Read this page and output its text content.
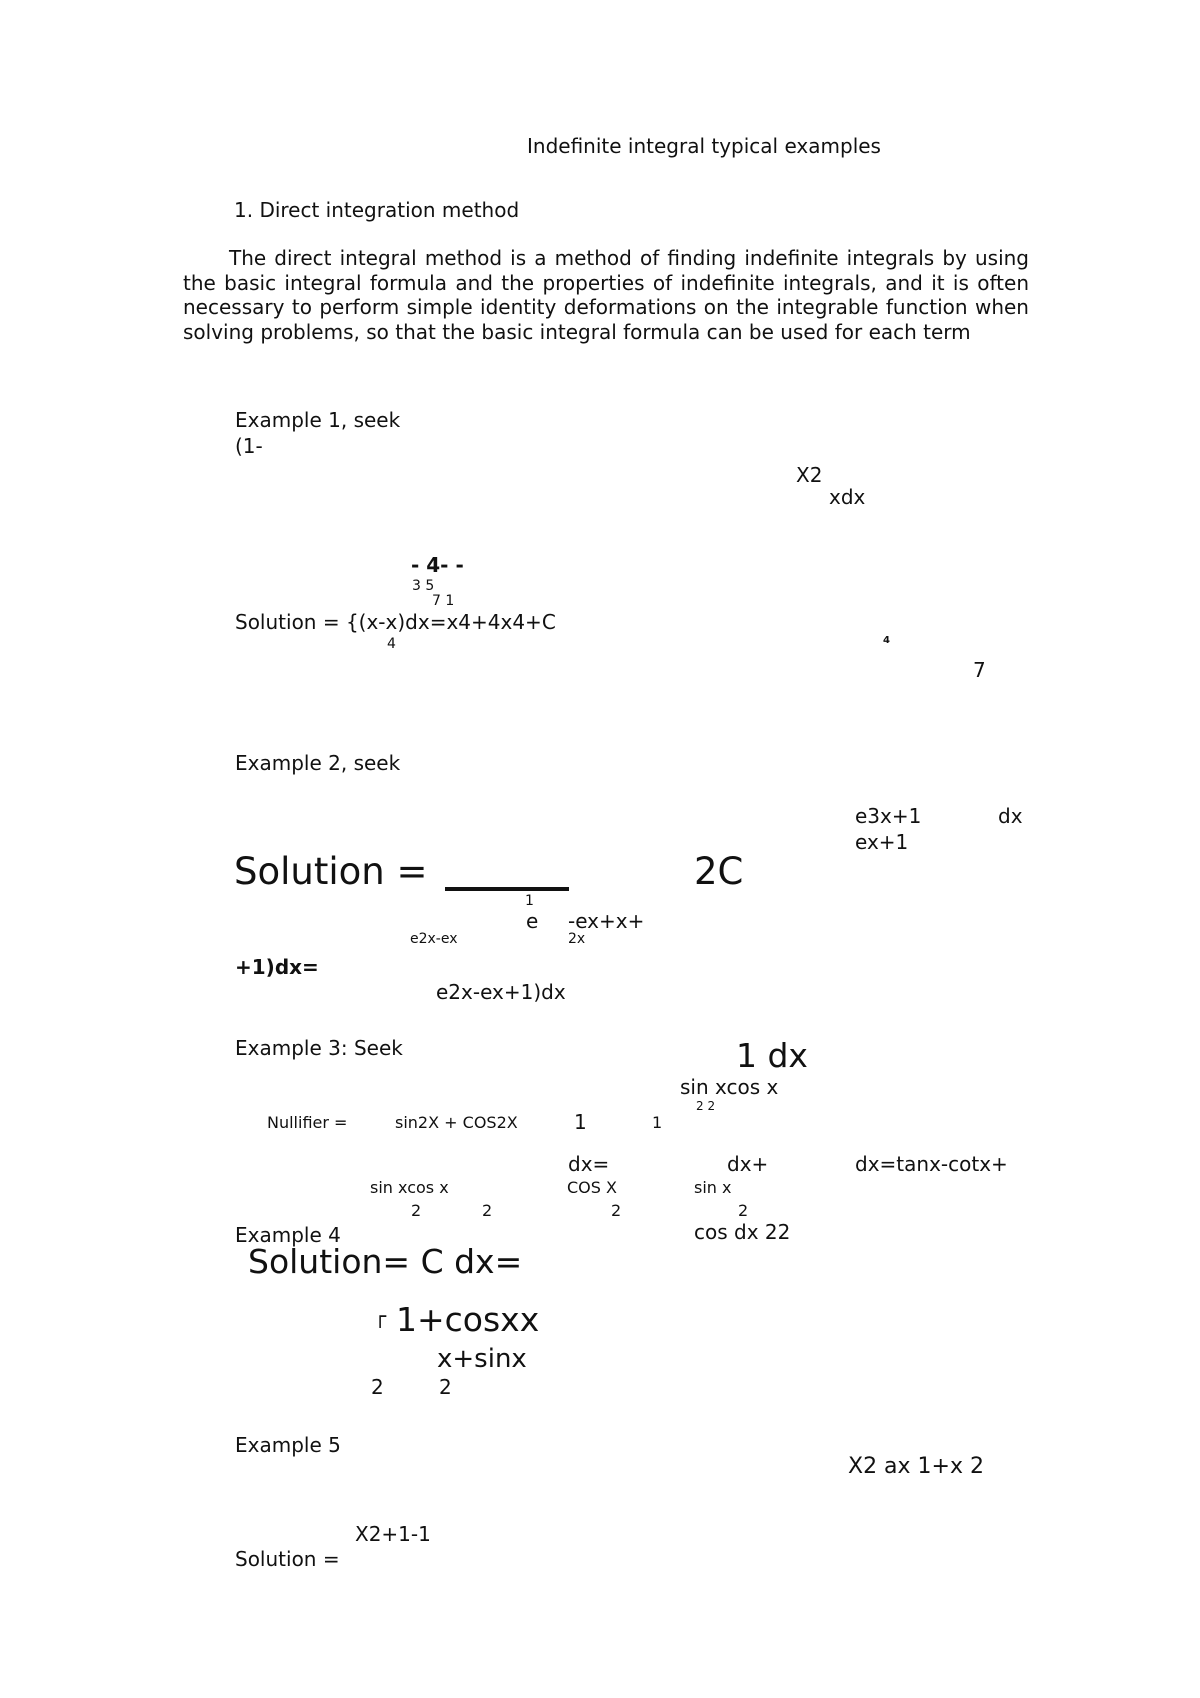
Indefinite integral typical examples
1. Direct integration method
The direct integral method is a method of finding indefinite integrals by using the basic integral formula and the properties of indefinite integrals, and it is often necessary to perform simple identity deformations on the integrable function when solving problems, so that the basic integral formula can be used for each term
Example 1, seek
(1-
X2
xdx
- 4- -
3 5
7 1
Solution = {(x-x)dx=x4+4x4+C
4	4
7
Example 2, seek
e3x+1	dx
ex+1
Solution =	2C
1
e -ex+x+
e2x-ex	2x
+1)dx=
e2x-ex+1)dx
Example 3: Seek	1 dx
sin xcos x
2 2
Nullifier =	sin2X + COS2X	1	1
dx=	dx+	dx=tanx-cotx+
sin xcos x	COS X	sin x
2	2	2	2
Example 4	cos dx 22
Solution= C dx=
┌ 1+cosxx
x+sinx
2	2
Example 5
X2 ax 1+x 2
X2+1-1
Solution =
